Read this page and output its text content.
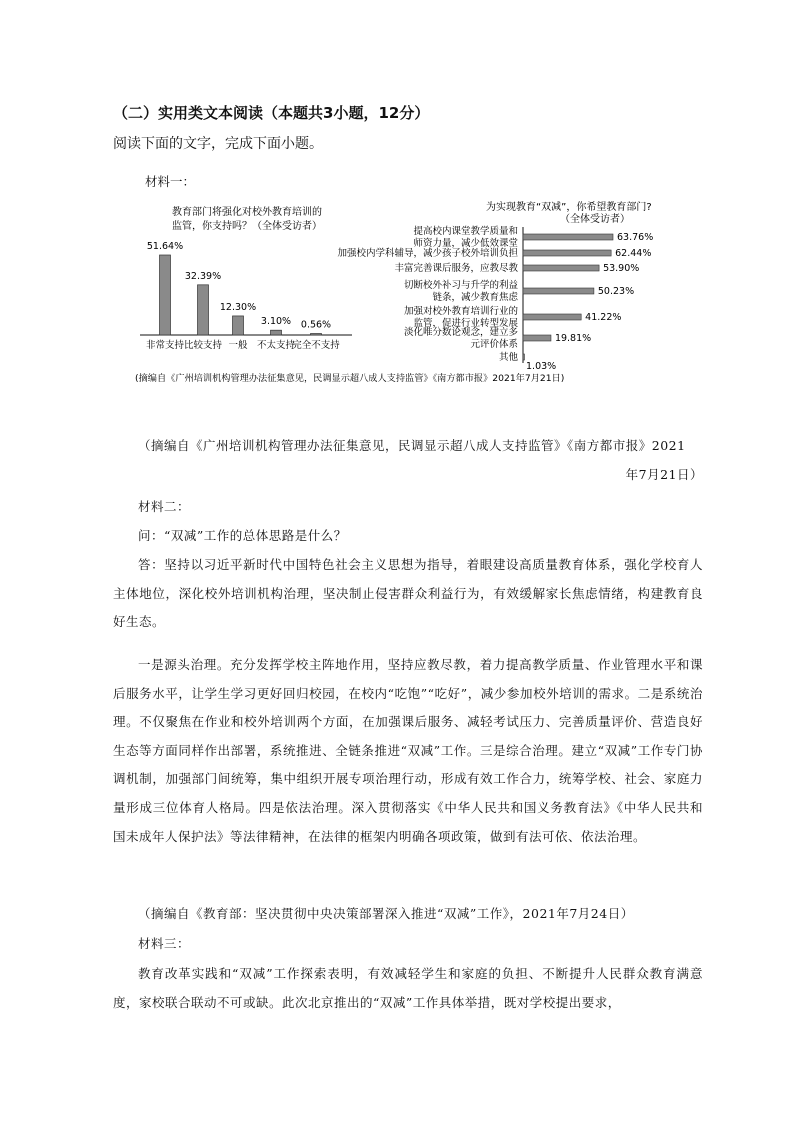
（二）实用类文本阅读（本题共3小题，12分）
阅读下面的文字，完成下面小题。
材料一：
教育部门将强化对校外教育培训的
监管，你支持吗？（全体受访者）
51.64%
非常支持
32.39%
比较支持
12.30%
一般
3.10%
不太支持
0.56%
完全不支持
为实现教育“双减”，你希望教育部门?
（全体受访者）
63.76%
提高校内课堂教学质量和
师资力量，减少低效课堂
62.44%
加强校内学科辅导，减少孩子校外培训负担
53.90%
丰富完善课后服务，应教尽教
50.23%
切断校外补习与升学的利益
链条，减少教育焦虑
41.22%
加强对校外教育培训行业的
监管，促进行业转型发展
19.81%
淡化唯分数论观念，建立多
元评价体系
1.03%
其他
(摘编自《广州培训机构管理办法征集意见，民调显示超八成人支持监管》《南方都市报》2021年7月21日)
（摘编自《广州培训机构管理办法征集意见，民调显示超八成人支持监管》《南方都市报》2021
年7月21日）
材料二：
问：“双减”工作的总体思路是什么？
答：坚持以习近平新时代中国特色社会主义思想为指导，着眼建设高质量教育体系，强化学校育人主体地位，深化校外培训机构治理，坚决制止侵害群众利益行为，有效缓解家长焦虑情绪，构建教育良好生态。
一是源头治理。充分发挥学校主阵地作用，坚持应教尽教，着力提高教学质量、作业管理水平和课后服务水平，让学生学习更好回归校园，在校内“吃饱”“吃好”，减少参加校外培训的需求。二是系统治理。不仅聚焦在作业和校外培训两个方面，在加强课后服务、减轻考试压力、完善质量评价、营造良好生态等方面同样作出部署，系统推进、全链条推进“双减”工作。三是综合治理。建立“双减”工作专门协调机制，加强部门间统筹，集中组织开展专项治理行动，形成有效工作合力，统筹学校、社会、家庭力量形成三位体育人格局。四是依法治理。深入贯彻落实《中华人民共和国义务教育法》《中华人民共和国未成年人保护法》等法律精神，在法律的框架内明确各项政策，做到有法可依、依法治理。
（摘编自《教育部：坚决贯彻中央决策部署深入推进“双减”工作》，2021年7月24日）
材料三：
教育改革实践和“双减”工作探索表明，有效减轻学生和家庭的负担、不断提升人民群众教育满意度，家校联合联动不可或缺。此次北京推出的“双减”工作具体举措，既对学校提出要求，
